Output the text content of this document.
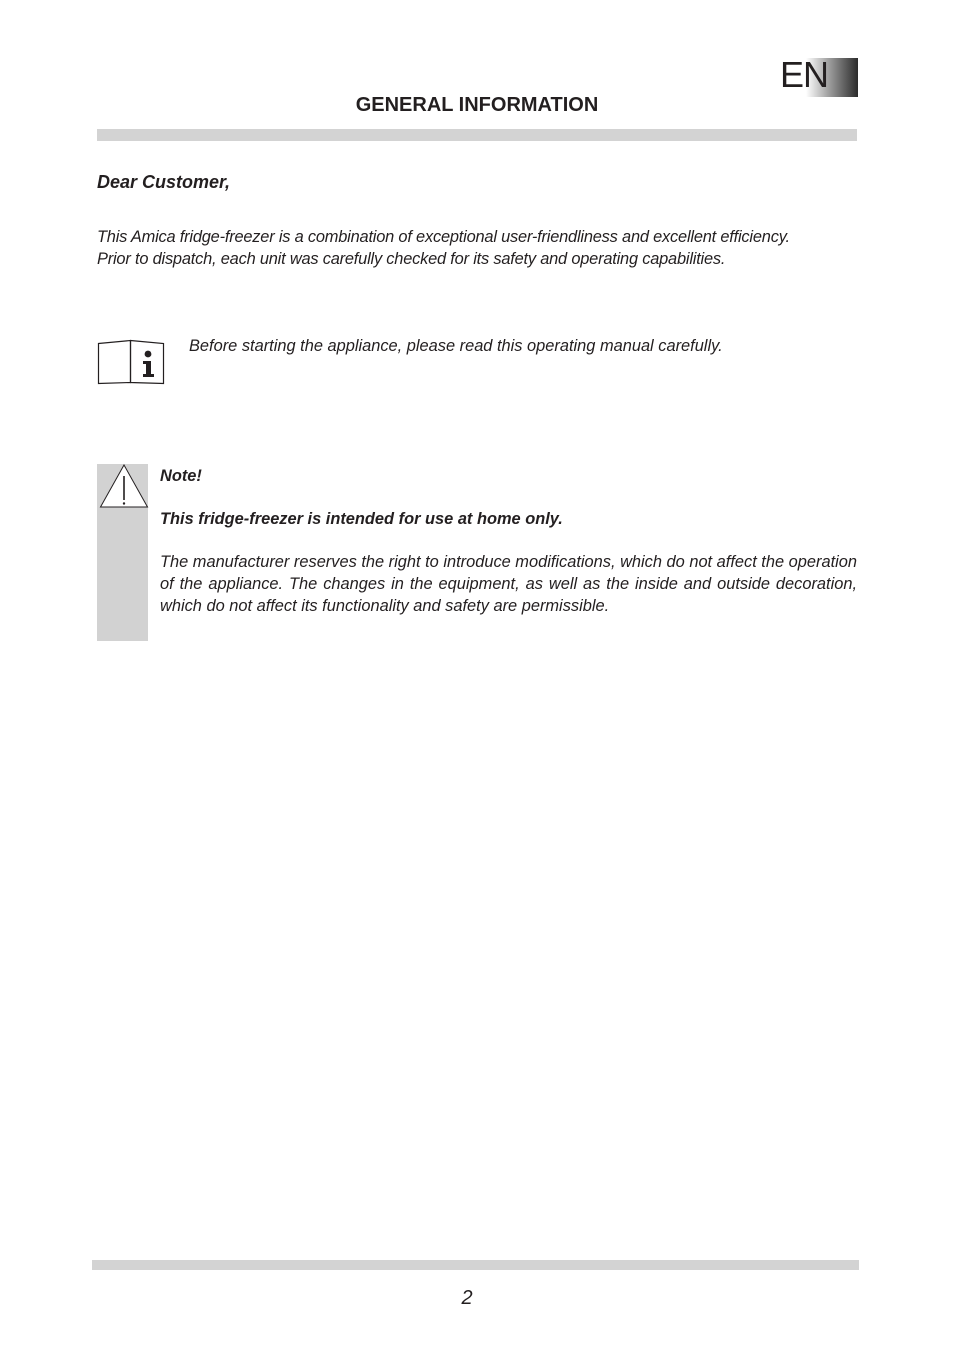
EN
GENERAL INFORMATION
Dear Customer,

This Amica fridge-freezer is a combination of exceptional user-friendliness and excellent efficiency.

Prior to dispatch, each unit was carefully checked for its safety and operating capabilities.

Before starting the appliance, please read this operating manual carefully.

Note!

This fridge-freezer is intended for use at home only.

The manufacturer reserves the right to introduce modifications, which do not affect the operation of the appliance. The changes in the equipment, as well as the inside and outside decoration, which do not affect its functionality and safety are permissible.

2
